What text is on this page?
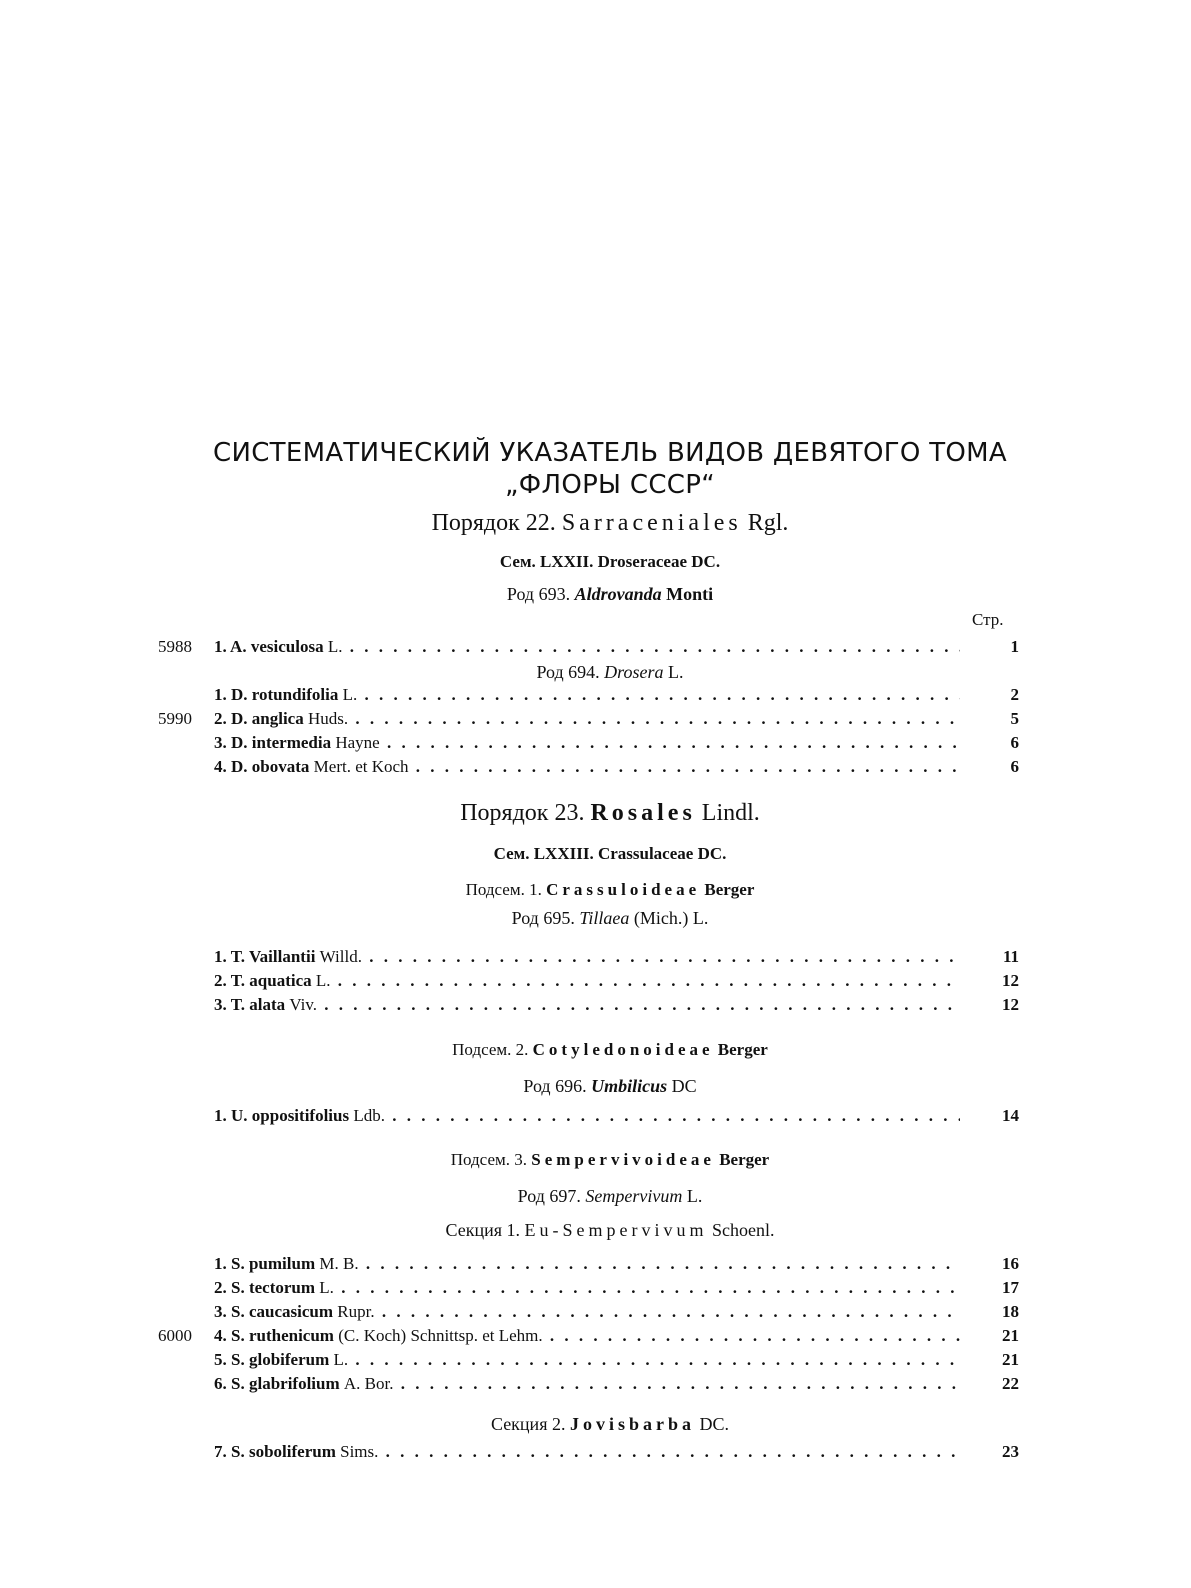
СИСТЕМАТИЧЕСКИЙ УКАЗАТЕЛЬ ВИДОВ ДЕВЯТОГО ТОМА
„ФЛОРЫ СССР“
Порядок 22. Sarraceniales Rgl.
Сем. LXXII. Droseraceae DC.
Род 693. Aldrovanda Monti
Стр.
5988	1. A. vesiculosa L. . . .	1
Род 694. Drosera L.
1. D. rotundifolia L. . . .	2
5990	2. D. anglica Huds. . . .	5
3. D. intermedia Hayne . . .	6
4. D. obovata Mert. et Koch . . .	6
Порядок 23. Rosales Lindl.
Сем. LXXIII. Crassulaceae DC.
Подсем. 1. Crassuloideae Berger
Род 695. Tillaea (Mich.) L.
1. T. Vaillantii Willd. . . .	11
2. T. aquatica L. . . .	12
3. T. alata Viv. . . .	12
Подсем. 2. Cotyledonoideae Berger
Род 696. Umbilicus DC
1. U. oppositifolius Ldb. . . .	14
Подсем. 3. Sempervivoideae Berger
Род 697. Sempervivum L.
Секция 1. Eu-Sempervivum Schoenl.
1. S. pumilum M. B. . . .	16
2. S. tectorum L. . . .	17
3. S. caucasicum Rupr. . . .	18
6000	4. S. ruthenicum (C. Koch) Schnittsp. et Lehm. . . .	21
5. S. globiferum L. . . .	21
6. S. glabrifolium A. Bor. . . .	22
Секция 2. Jovisbarba DC.
7. S. soboliferum Sims. . . .	23
